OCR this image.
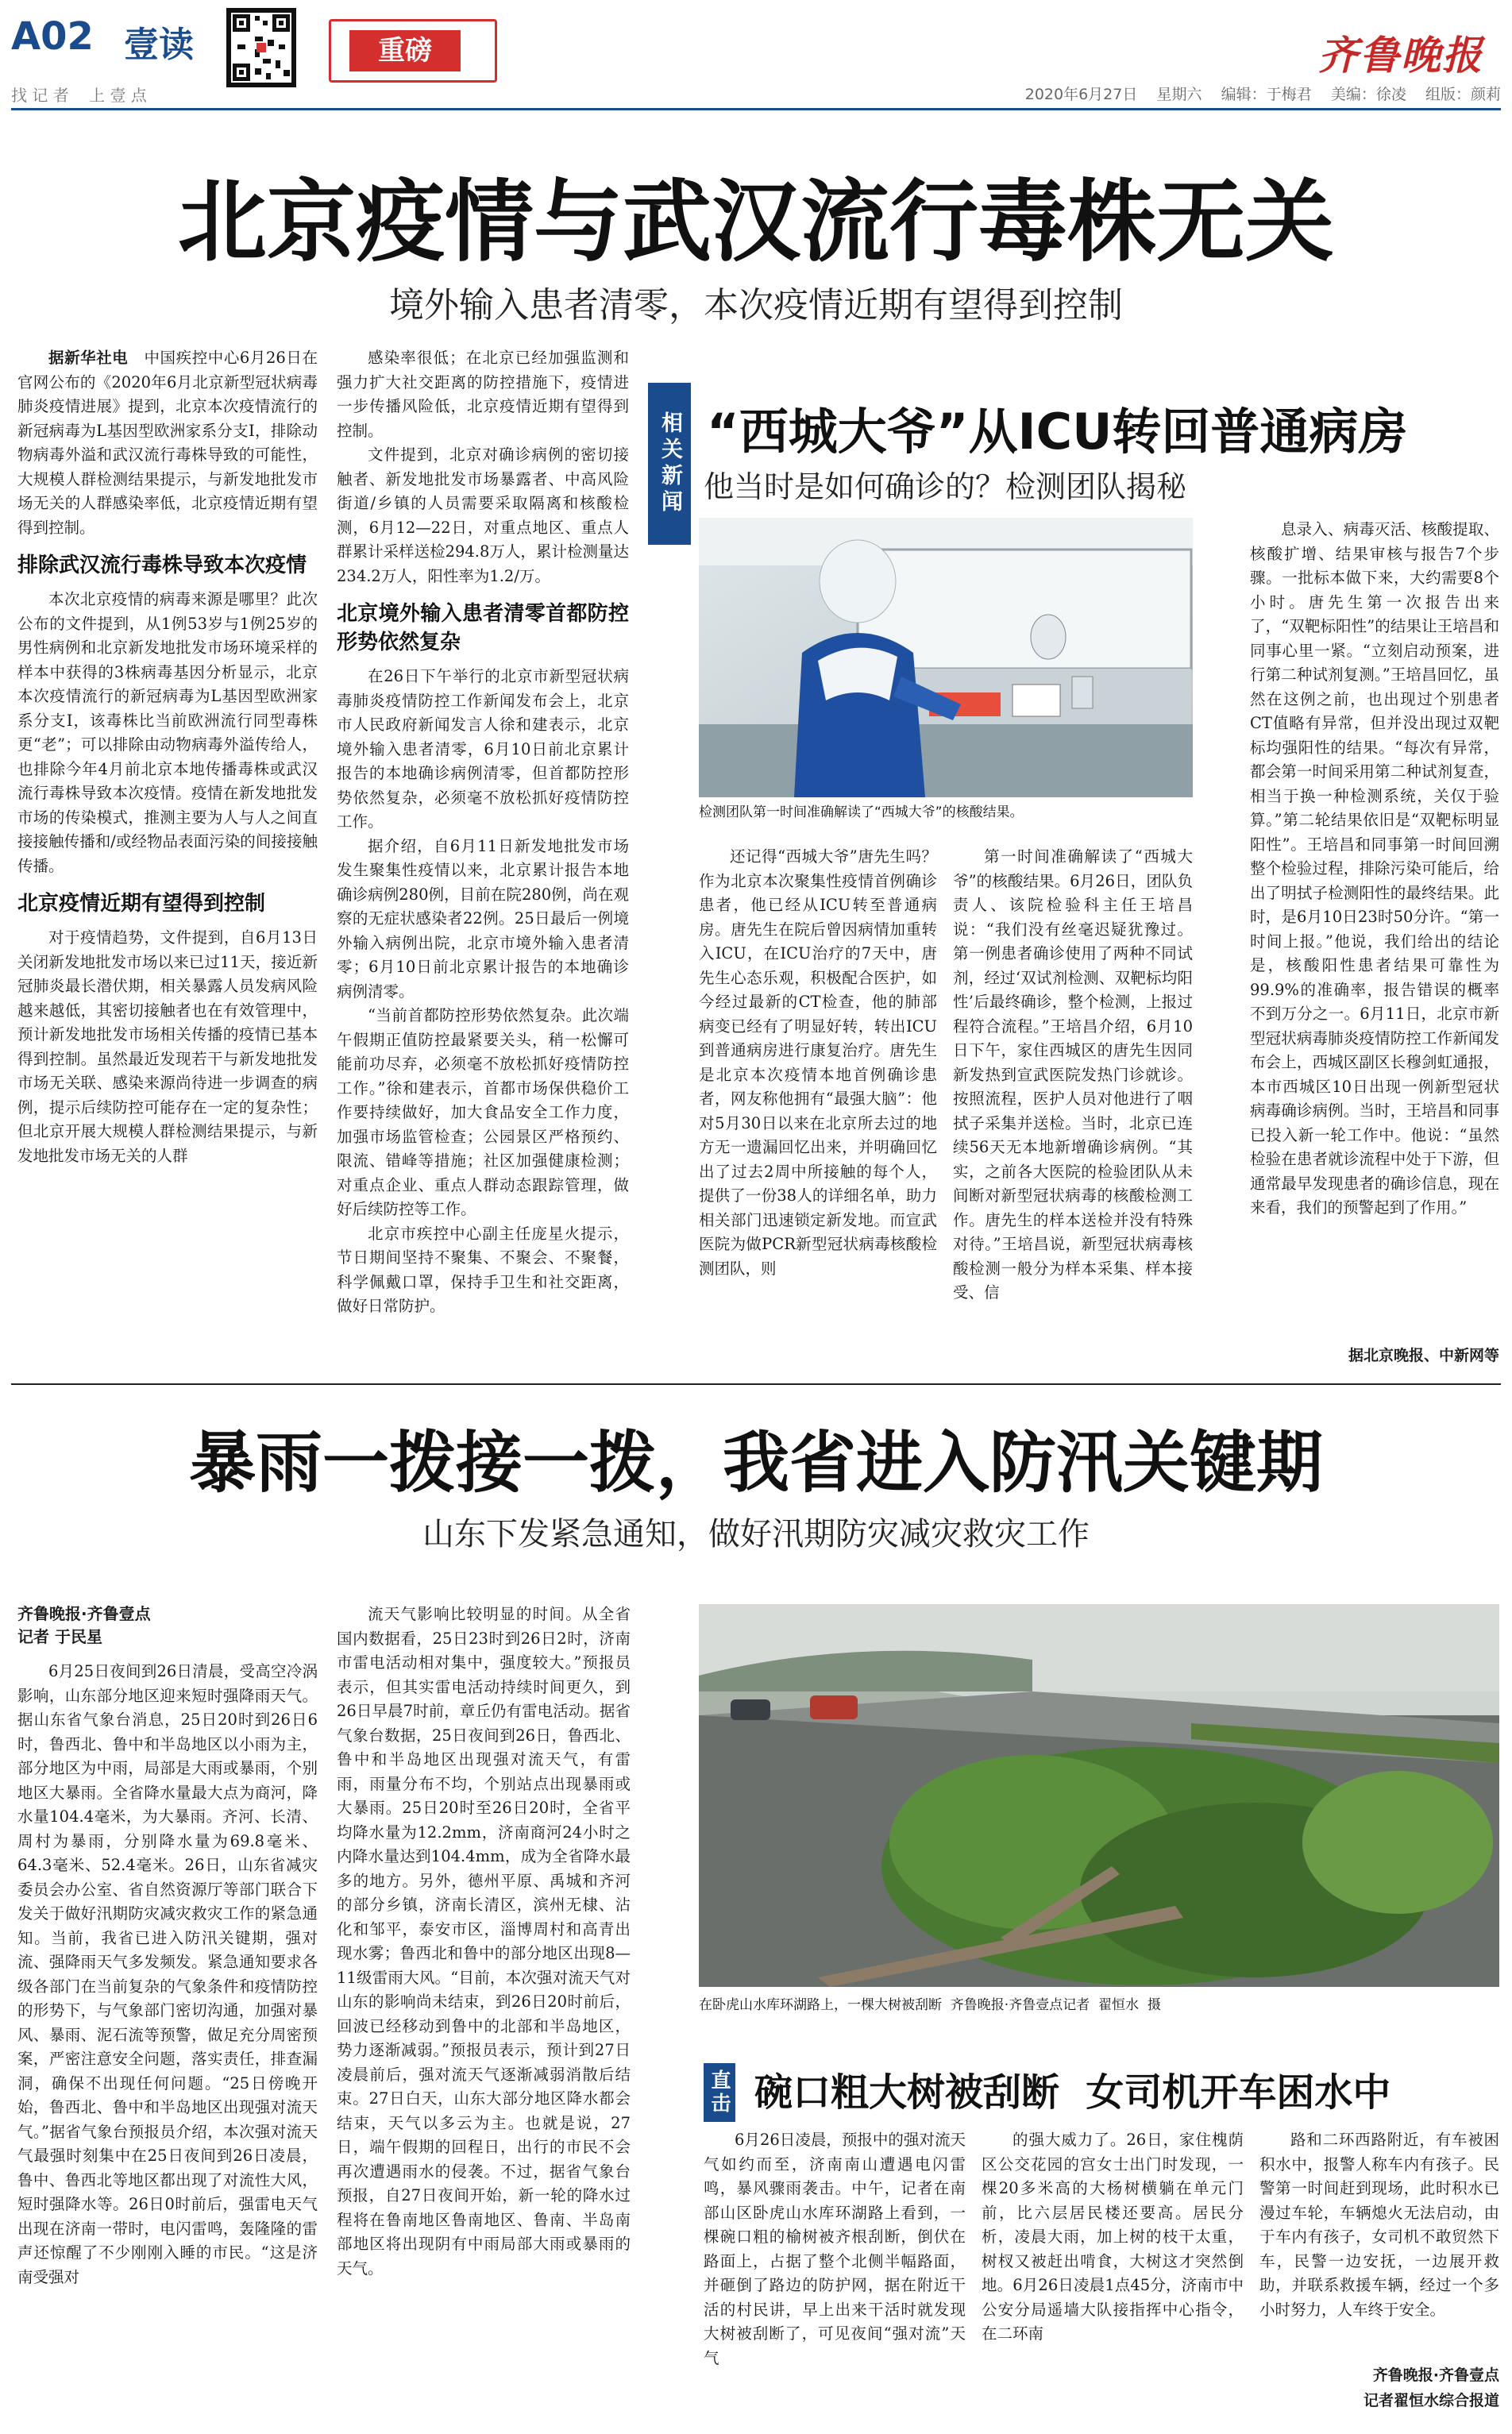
A02 壹读
找 记 者    上 壹 点
重磅	齐鲁晚报
2020年6月27日    星期六    编辑：于梅君    美编：徐凌    组版：颜莉
北京疫情与武汉流行毒株无关
境外输入患者清零，本次疫情近期有望得到控制

据新华社电　 中国疾控中心6月26日在官网公布的《2020年6月北京新型冠状病毒肺炎疫情进展》提到，北京本次疫情流行的新冠病毒为L基因型欧洲家系分支Ⅰ，排除动物病毒外溢和武汉流行毒株导致的可能性，大规模人群检测结果提示，与新发地批发市场无关的人群感染率低，北京疫情近期有望得到控制。

排除武汉流行毒株导致本次疫情

本次北京疫情的病毒来源是哪里？此次公布的文件提到，从1例53岁与1例25岁的男性病例和北京新发地批发市场环境采样的样本中获得的3株病毒基因分析显示，北京本次疫情流行的新冠病毒为L基因型欧洲家系分支Ⅰ，该毒株比当前欧洲流行同型毒株更“老”；可以排除由动物病毒外溢传给人，也排除今年4月前北京本地传播毒株或武汉流行毒株导致本次疫情。疫情在新发地批发市场的传染模式，推测主要为人与人之间直接接触传播和/或经物品表面污染的间接接触传播。

北京疫情近期有望得到控制

对于疫情趋势，文件提到，自6月13日关闭新发地批发市场以来已过11天，接近新冠肺炎最长潜伏期，相关暴露人员发病风险越来越低，其密切接触者也在有效管理中，预计新发地批发市场相关传播的疫情已基本得到控制。虽然最近发现若干与新发地批发市场无关联、感染来源尚待进一步调查的病例，提示后续防控可能存在一定的复杂性；但北京开展大规模人群检测结果提示，与新发地批发市场无关的人群

感染率很低；在北京已经加强监测和强力扩大社交距离的防控措施下，疫情进一步传播风险低，北京疫情近期有望得到控制。

文件提到，北京对确诊病例的密切接触者、新发地批发市场暴露者、中高风险街道/乡镇的人员需要采取隔离和核酸检测，6月12—22日，对重点地区、重点人群累计采样送检294.8万人，累计检测量达234.2万人，阳性率为1.2/万。

北京境外输入患者清零首都防控形势依然复杂

在26日下午举行的北京市新型冠状病毒肺炎疫情防控工作新闻发布会上，北京市人民政府新闻发言人徐和建表示，北京境外输入患者清零，6月10日前北京累计报告的本地确诊病例清零，但首都防控形势依然复杂，必须毫不放松抓好疫情防控工作。

据介绍，自6月11日新发地批发市场发生聚集性疫情以来，北京累计报告本地确诊病例280例，目前在院280例，尚在观察的无症状感染者22例。25日最后一例境外输入病例出院，北京市境外输入患者清零；6月10日前北京累计报告的本地确诊病例清零。

“当前首都防控形势依然复杂。此次端午假期正值防控最紧要关头，稍一松懈可能前功尽弃，必须毫不放松抓好疫情防控工作。”徐和建表示，首都市场保供稳价工作要持续做好，加大食品安全工作力度，加强市场监管检查；公园景区严格预约、限流、错峰等措施；社区加强健康检测；对重点企业、重点人群动态跟踪管理，做好后续防控等工作。

北京市疾控中心副主任庞星火提示，节日期间坚持不聚集、不聚会、不聚餐，科学佩戴口罩，保持手卫生和社交距离，做好日常防护。

相关新闻 “西城大爷”从ICU转回普通病房
他当时是如何确诊的？检测团队揭秘
检测团队第一时间准确解读了“西城大爷”的核酸结果。

还记得“西城大爷”唐先生吗？作为北京本次聚集性疫情首例确诊患者，他已经从ICU转至普通病房。唐先生在院后曾因病情加重转入ICU，在ICU治疗的7天中，唐先生心态乐观，积极配合医护，如今经过最新的CT检查，他的肺部病变已经有了明显好转，转出ICU到普通病房进行康复治疗。唐先生是北京本次疫情本地首例确诊患者，网友称他拥有“最强大脑”：他对5月30日以来在北京所去过的地方无一遗漏回忆出来，并明确回忆出了过去2周中所接触的每个人，提供了一份38人的详细名单，助力相关部门迅速锁定新发地。而宣武医院为做PCR新型冠状病毒核酸检测团队，则

第一时间准确解读了“西城大爷”的核酸结果。6月26日，团队负责人、该院检验科主任王培昌说：“我们没有丝毫迟疑犹豫过。第一例患者确诊使用了两种不同试剂，经过‘双试剂检测、双靶标均阳性’后最终确诊，整个检测，上报过程符合流程。”王培昌介绍，6月10日下午，家住西城区的唐先生因同新发热到宣武医院发热门诊就诊。按照流程，医护人员对他进行了咽拭子采集并送检。当时，北京已连续56天无本地新增确诊病例。“其实，之前各大医院的检验团队从未间断对新型冠状病毒的核酸检测工作。唐先生的样本送检并没有特殊对待。”王培昌说，新型冠状病毒核酸检测一般分为样本采集、样本接受、信

息录入、病毒灭活、核酸提取、核酸扩增、结果审核与报告7个步骤。一批标本做下来，大约需要8个小时。唐先生第一次报告出来了，“双靶标阳性”的结果让王培昌和同事心里一紧。“立刻启动预案，进行第二种试剂复测。”王培昌回忆，虽然在这例之前，也出现过个别患者CT值略有异常，但并没出现过双靶标均强阳性的结果。“每次有异常，都会第一时间采用第二种试剂复查，相当于换一种检测系统，关仅于验算。”第二轮结果依旧是“双靶标明显阳性”。王培昌和同事第一时间回溯整个检验过程，排除污染可能后，给出了明拭子检测阳性的最终结果。此时，是6月10日23时50分许。“第一时间上报。”他说，我们给出的结论是，核酸阳性患者结果可靠性为99.9%的准确率，报告错误的概率不到万分之一。6月11日，北京市新型冠状病毒肺炎疫情防控工作新闻发布会上，西城区副区长穆剑虹通报，本市西城区10日出现一例新型冠状病毒确诊病例。当时，王培昌和同事已投入新一轮工作中。他说：“虽然检验在患者就诊流程中处于下游，但通常最早发现患者的确诊信息，现在来看，我们的预警起到了作用。”

据北京晚报、中新网等
暴雨一拨接一拨，我省进入防汛关键期
山东下发紧急通知，做好汛期防灾减灾救灾工作
齐鲁晚报·齐鲁壹点
记者 于民星

6月25日夜间到26日清晨，受高空冷涡影响，山东部分地区迎来短时强降雨天气。据山东省气象台消息，25日20时到26日6时，鲁西北、鲁中和半岛地区以小雨为主，部分地区为中雨，局部是大雨或暴雨，个别地区大暴雨。全省降水量最大点为商河，降水量104.4毫米，为大暴雨。齐河、长清、周村为暴雨，分别降水量为69.8毫米、64.3毫米、52.4毫米。26日，山东省减灾委员会办公室、省自然资源厅等部门联合下发关于做好汛期防灾减灾救灾工作的紧急通知。当前，我省已进入防汛关键期，强对流、强降雨天气多发频发。紧急通知要求各级各部门在当前复杂的气象条件和疫情防控的形势下，与气象部门密切沟通，加强对暴风、暴雨、泥石流等预警，做足充分周密预案，严密注意安全问题，落实责任，排查漏洞，确保不出现任何问题。“25日傍晚开始，鲁西北、鲁中和半岛地区出现强对流天气。”据省气象台预报员介绍，本次强对流天气最强时刻集中在25日夜间到26日凌晨，鲁中、鲁西北等地区都出现了对流性大风，短时强降水等。26日0时前后，强雷电天气出现在济南一带时，电闪雷鸣，轰隆隆的雷声还惊醒了不少刚刚入睡的市民。“这是济南受强对

流天气影响比较明显的时间。从全省国内数据看，25日23时到26日2时，济南市雷电活动相对集中，强度较大。”预报员表示，但其实雷电活动持续时间更久，到26日早晨7时前，章丘仍有雷电活动。据省气象台数据，25日夜间到26日，鲁西北、鲁中和半岛地区出现强对流天气，有雷雨，雨量分布不均，个别站点出现暴雨或大暴雨。25日20时至26日20时，全省平均降水量为12.2mm，济南商河24小时之内降水量达到104.4mm，成为全省降水最多的地方。另外，德州平原、禹城和齐河的部分乡镇，济南长清区，滨州无棣、沾化和邹平，泰安市区，淄博周村和高青出现水雾；鲁西北和鲁中的部分地区出现8—11级雷雨大风。“目前，本次强对流天气对山东的影响尚未结束，到26日20时前后，回波已经移动到鲁中的北部和半岛地区，势力逐渐减弱。”预报员表示，预计到27日凌晨前后，强对流天气逐渐减弱消散后结束。27日白天，山东大部分地区降水都会结束，天气以多云为主。也就是说，27日，端午假期的回程日，出行的市民不会再次遭遇雨水的侵袭。不过，据省气象台预报，自27日夜间开始，新一轮的降水过程将在鲁南地区鲁南地区、鲁南、半岛南部地区将出现阴有中雨局部大雨或暴雨的天气。

在卧虎山水库环湖路上，一棵大树被刮断  齐鲁晚报·齐鲁壹点记者  翟恒水  摄
直击 碗口粗大树被刮断  女司机开车困水中

6月26日凌晨，预报中的强对流天气如约而至，济南南山遭遇电闪雷鸣，暴风骤雨袭击。中午，记者在南部山区卧虎山水库环湖路上看到，一棵碗口粗的榆树被齐根刮断，倒伏在路面上，占据了整个北侧半幅路面，并砸倒了路边的防护网，据在附近干活的村民讲，早上出来干活时就发现大树被刮断了，可见夜间“强对流”天气

的强大威力了。26日，家住槐荫区公交花园的宫女士出门时发现，一棵20多米高的大杨树横躺在单元门前，比六层居民楼还要高。居民分析，凌晨大雨，加上树的枝干太重，树杈又被赶出啃食，大树这才突然倒地。6月26日凌晨1点45分，济南市中公安分局遥墙大队接指挥中心指令，在二环南

路和二环西路附近，有车被困积水中，报警人称车内有孩子。民警第一时间赶到现场，此时积水已漫过车轮，车辆熄火无法启动，由于车内有孩子，女司机不敢贸然下车，民警一边安抚，一边展开救助，并联系救援车辆，经过一个多小时努力，人车终于安全。

齐鲁晚报·齐鲁壹点
记者翟恒水综合报道
